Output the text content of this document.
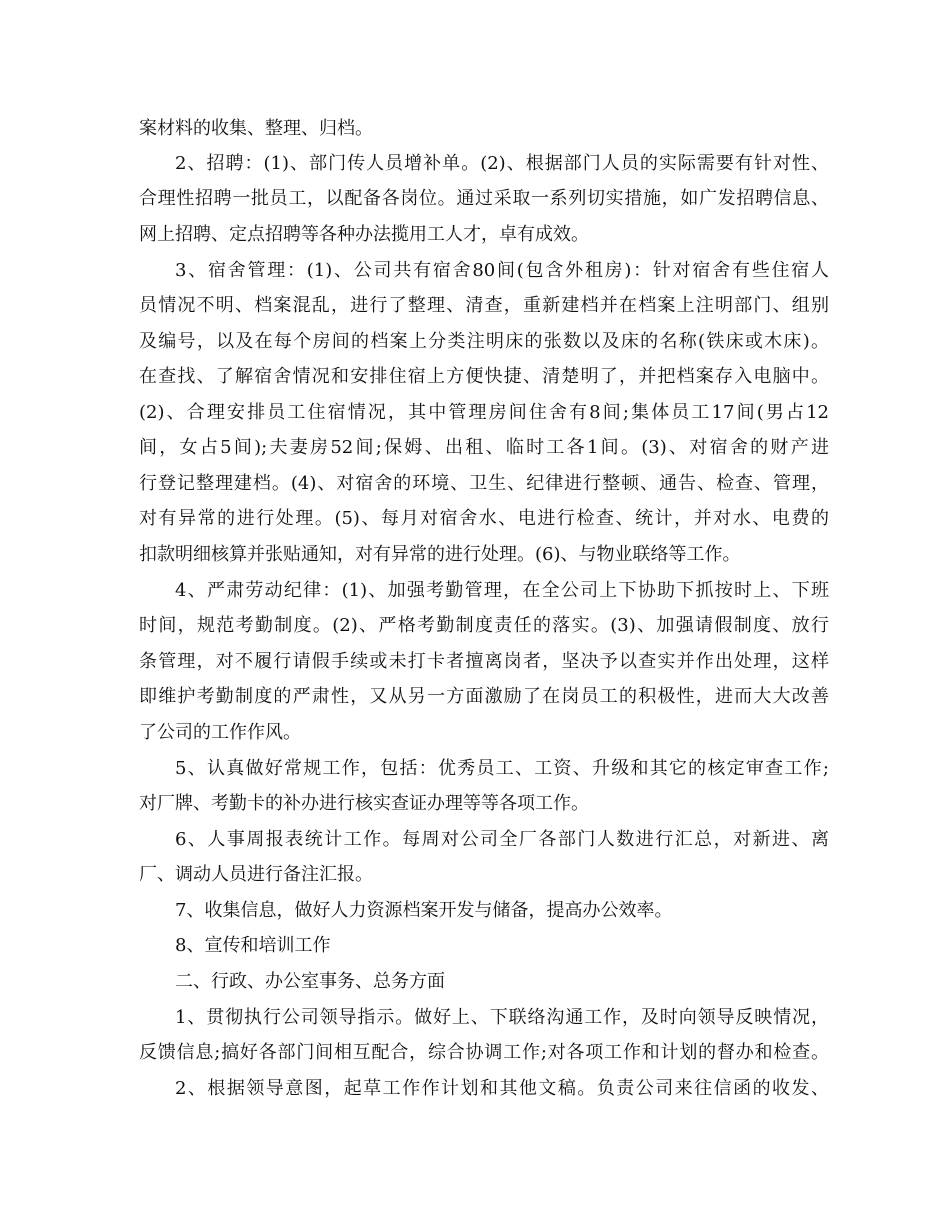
案材料的收集、整理、归档。
2、招聘：(1)、部门传人员增补单。(2)、根据部门人员的实际需要有针对性、
合理性招聘一批员工，以配备各岗位。通过采取一系列切实措施，如广发招聘信息、
网上招聘、定点招聘等各种办法揽用工人才，卓有成效。
3、宿舍管理：(1)、公司共有宿舍80间(包含外租房)：针对宿舍有些住宿人
员情况不明、档案混乱，进行了整理、清查，重新建档并在档案上注明部门、组别
及编号，以及在每个房间的档案上分类注明床的张数以及床的名称(铁床或木床)。
在查找、了解宿舍情况和安排住宿上方便快捷、清楚明了，并把档案存入电脑中。
(2)、合理安排员工住宿情况，其中管理房间住舍有8间;集体员工17间(男占12
间，女占5间);夫妻房52间;保姆、出租、临时工各1间。(3)、对宿舍的财产进
行登记整理建档。(4)、对宿舍的环境、卫生、纪律进行整顿、通告、检查、管理，
对有异常的进行处理。(5)、每月对宿舍水、电进行检查、统计，并对水、电费的
扣款明细核算并张贴通知，对有异常的进行处理。(6)、与物业联络等工作。
4、严肃劳动纪律：(1)、加强考勤管理，在全公司上下协助下抓按时上、下班
时间，规范考勤制度。(2)、严格考勤制度责任的落实。(3)、加强请假制度、放行
条管理，对不履行请假手续或未打卡者擅离岗者，坚决予以查实并作出处理，这样
即维护考勤制度的严肃性，又从另一方面激励了在岗员工的积极性，进而大大改善
了公司的工作作风。
5、认真做好常规工作，包括：优秀员工、工资、升级和其它的核定审查工作;
对厂牌、考勤卡的补办进行核实查证办理等等各项工作。
6、人事周报表统计工作。每周对公司全厂各部门人数进行汇总，对新进、离
厂、调动人员进行备注汇报。
7、收集信息，做好人力资源档案开发与储备，提高办公效率。
8、宣传和培训工作
二、行政、办公室事务、总务方面
1、贯彻执行公司领导指示。做好上、下联络沟通工作，及时向领导反映情况，
反馈信息;搞好各部门间相互配合，综合协调工作;对各项工作和计划的督办和检查。
2、根据领导意图，起草工作作计划和其他文稿。负责公司来往信函的收发、
